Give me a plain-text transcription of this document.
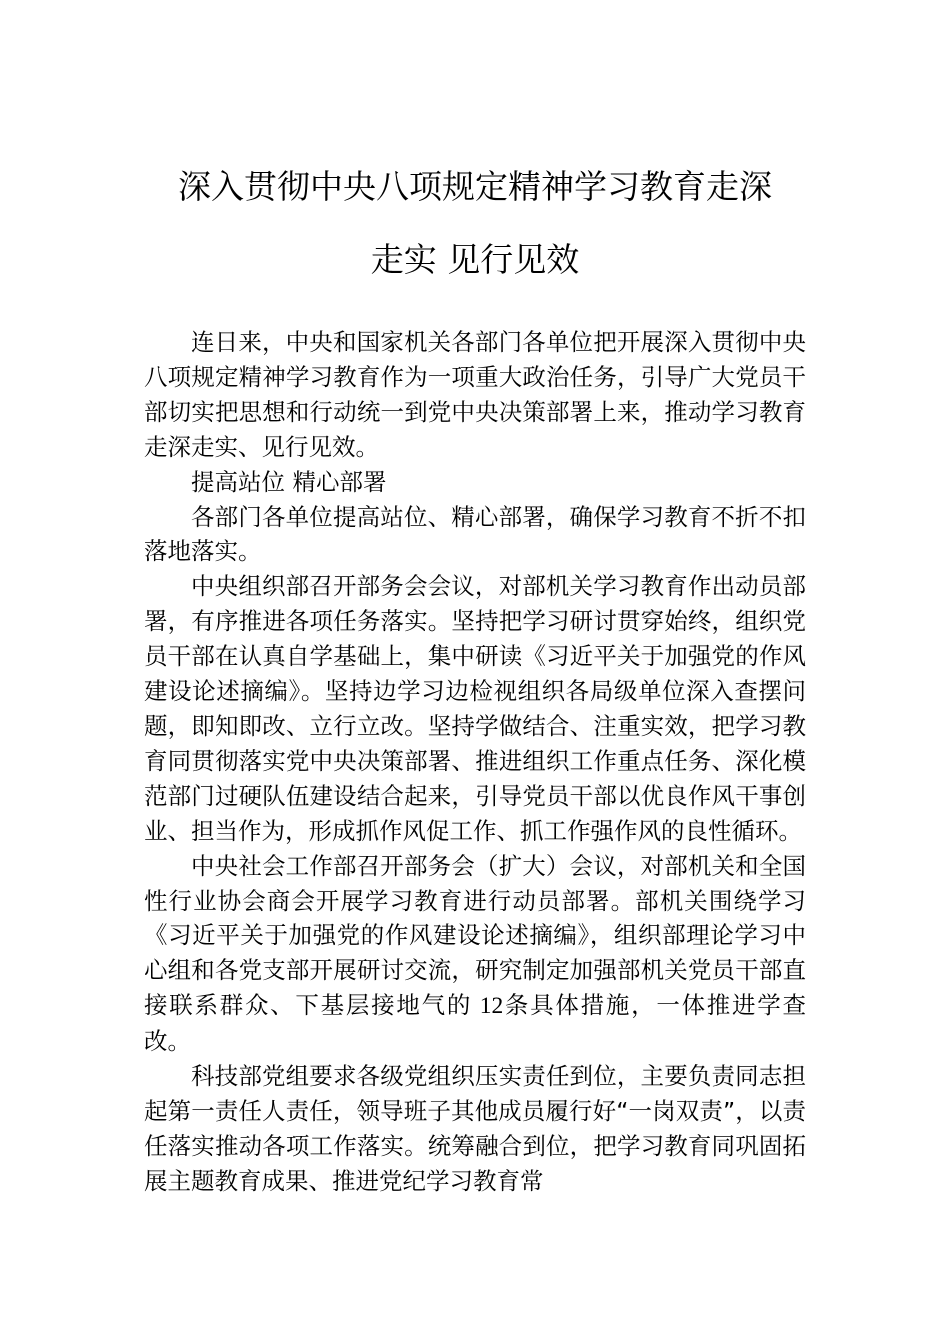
深入贯彻中央八项规定精神学习教育走深
走实 见行见效

连日来，中央和国家机关各部门各单位把开展深入贯彻中央八项规定精神学习教育作为一项重大政治任务，引导广大党员干部切实把思想和行动统一到党中央决策部署上来，推动学习教育走深走实、见行见效。

提高站位 精心部署

各部门各单位提高站位、精心部署，确保学习教育不折不扣落地落实。

中央组织部召开部务会会议，对部机关学习教育作出动员部署，有序推进各项任务落实。坚持把学习研讨贯穿始终，组织党员干部在认真自学基础上，集中研读《习近平关于加强党的作风建设论述摘编》。坚持边学习边检视组织各局级单位深入查摆问题，即知即改、立行立改。坚持学做结合、注重实效，把学习教育同贯彻落实党中央决策部署、推进组织工作重点任务、深化模范部门过硬队伍建设结合起来，引导党员干部以优良作风干事创业、担当作为，形成抓作风促工作、抓工作强作风的良性循环。

中央社会工作部召开部务会（扩大）会议，对部机关和全国性行业协会商会开展学习教育进行动员部署。部机关围绕学习《习近平关于加强党的作风建设论述摘编》，组织部理论学习中心组和各党支部开展研讨交流，研究制定加强部机关党员干部直接联系群众、下基层接地气的 12条具体措施，一体推进学查改。

科技部党组要求各级党组织压实责任到位，主要负责同志担起第一责任人责任，领导班子其他成员履行好“一岗双责”，以责任落实推动各项工作落实。统筹融合到位，把学习教育同巩固拓展主题教育成果、推进党纪学习教育常
